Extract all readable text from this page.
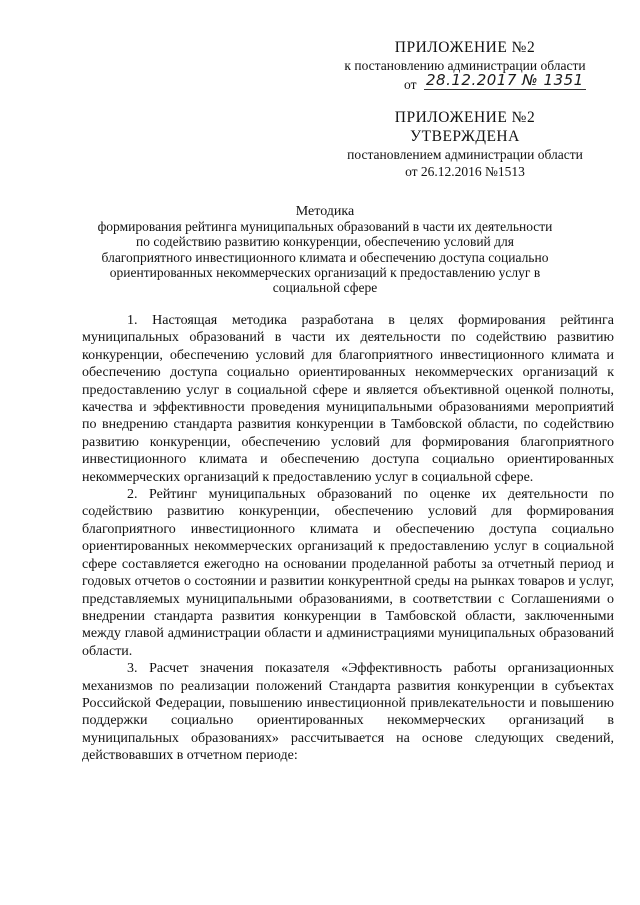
ПРИЛОЖЕНИЕ №2
к постановлению администрации области
от 28.12.2017 № 1351
ПРИЛОЖЕНИЕ №2
УТВЕРЖДЕНА
постановлением администрации области
от 26.12.2016 №1513
Методика
формирования рейтинга муниципальных образований в части их деятельности
по содействию развитию конкуренции, обеспечению условий для
благоприятного инвестиционного климата и обеспечению доступа социально
ориентированных некоммерческих организаций к предоставлению услуг в
социальной сфере

1. Настоящая методика разработана в целях формирования рейтинга муниципальных образований в части их деятельности по содействию развитию конкуренции, обеспечению условий для благоприятного инвестиционного климата и обеспечению доступа социально ориентированных некоммерческих организаций к предоставлению услуг в социальной сфере и является объективной оценкой полноты, качества и эффективности проведения муниципальными образованиями мероприятий по внедрению стандарта развития конкуренции в Тамбовской области, по содействию развитию конкуренции, обеспечению условий для формирования благоприятного инвестиционного климата и обеспечению доступа социально ориентированных некоммерческих организаций к предоставлению услуг в социальной сфере.

2. Рейтинг муниципальных образований по оценке их деятельности по содействию развитию конкуренции, обеспечению условий для формирования благоприятного инвестиционного климата и обеспечению доступа социально ориентированных некоммерческих организаций к предоставлению услуг в социальной сфере составляется ежегодно на основании проделанной работы за отчетный период и годовых отчетов о состоянии и развитии конкурентной среды на рынках товаров и услуг, представляемых муниципальными образованиями, в соответствии с Соглашениями о внедрении стандарта развития конкуренции в Тамбовской области, заключенными между главой администрации области и администрациями муниципальных образований области.

3. Расчет значения показателя «Эффективность работы организационных механизмов по реализации положений Стандарта развития конкуренции в субъектах Российской Федерации, повышению инвестиционной привлекательности и повышению поддержки социально ориентированных некоммерческих организаций в муниципальных образованиях» рассчитывается на основе следующих сведений, действовавших в отчетном периоде:
